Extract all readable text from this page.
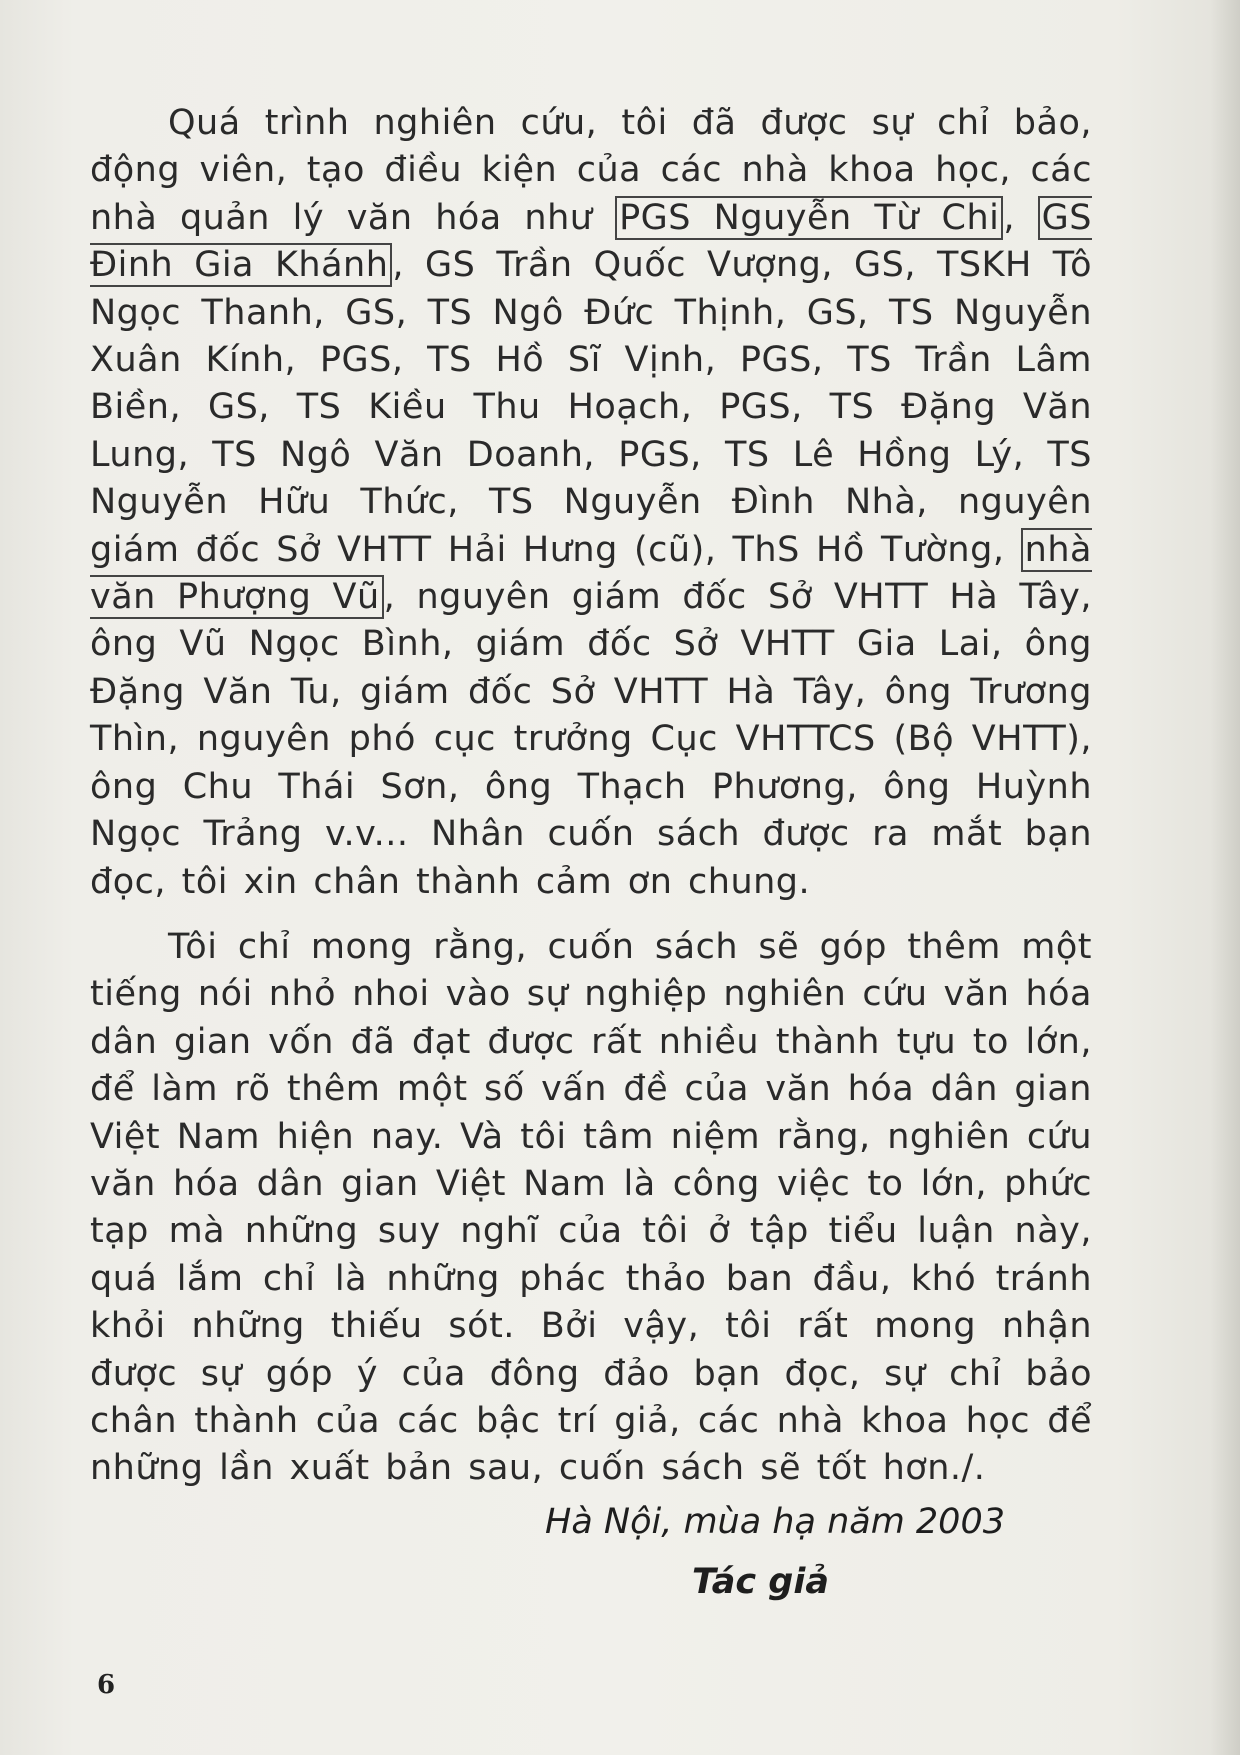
Quá trình nghiên cứu, tôi đã được sự chỉ bảo, động viên, tạo điều kiện của các nhà khoa học, các nhà quản lý văn hóa như PGS Nguyễn Từ Chi , GS Đinh Gia Khánh , GS Trần Quốc Vượng, GS, TSKH Tô Ngọc Thanh, GS, TS Ngô Đức Thịnh, GS, TS Nguyễn Xuân Kính, PGS, TS Hồ Sĩ Vịnh, PGS, TS Trần Lâm Biền, GS, TS Kiều Thu Hoạch, PGS, TS Đặng Văn Lung, TS Ngô Văn Doanh, PGS, TS Lê Hồng Lý, TS Nguyễn Hữu Thức, TS Nguyễn Đình Nhà, nguyên giám đốc Sở VHTT Hải Hưng (cũ), ThS Hồ Tường, nhà văn Phượng Vũ , nguyên giám đốc Sở VHTT Hà Tây, ông Vũ Ngọc Bình, giám đốc Sở VHTT Gia Lai, ông Đặng Văn Tu, giám đốc Sở VHTT Hà Tây, ông Trương Thìn, nguyên phó cục trưởng Cục VHTTCS (Bộ VHTT), ông Chu Thái Sơn, ông Thạch Phương, ông Huỳnh Ngọc Trảng v.v... Nhân cuốn sách được ra mắt bạn đọc, tôi xin chân thành cảm ơn chung.

Tôi chỉ mong rằng, cuốn sách sẽ góp thêm một tiếng nói nhỏ nhoi vào sự nghiệp nghiên cứu văn hóa dân gian vốn đã đạt được rất nhiều thành tựu to lớn, để làm rõ thêm một số vấn đề của văn hóa dân gian Việt Nam hiện nay. Và tôi tâm niệm rằng, nghiên cứu văn hóa dân gian Việt Nam là công việc to lớn, phức tạp mà những suy nghĩ của tôi ở tập tiểu luận này, quá lắm chỉ là những phác thảo ban đầu, khó tránh khỏi những thiếu sót. Bởi vậy, tôi rất mong nhận được sự góp ý của đông đảo bạn đọc, sự chỉ bảo chân thành của các bậc trí giả, các nhà khoa học để những lần xuất bản sau, cuốn sách sẽ tốt hơn./.

Hà Nội, mùa hạ năm 2003
Tác giả
6
